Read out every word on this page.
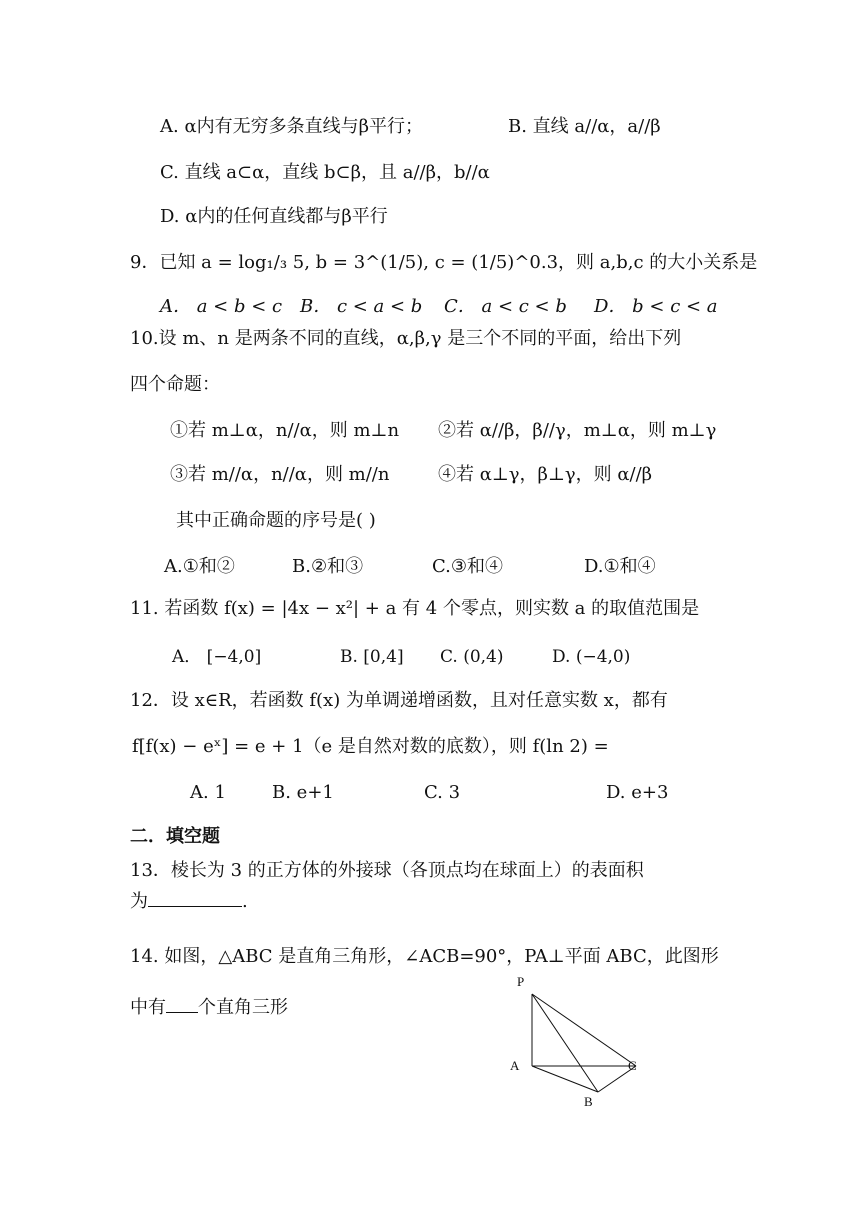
A. α内有无穷多条直线与β平行；	B. 直线 a//α，a//β
C. 直线 a⊂α，直线 b⊂β，且 a//β，b//α
D. α内的任何直线都与β平行
9．已知 a = log₁/₃ 5, b = 3^(1/5), c = (1/5)^0.3，则 a,b,c 的大小关系是
A． a < b < c B． c < a < b C． a < c < b D． b < c < a
10.设 m、n 是两条不同的直线，α,β,γ 是三个不同的平面，给出下列
四个命题：
①若 m⊥α，n//α，则 m⊥n ②若 α//β，β//γ，m⊥α，则 m⊥γ
③若 m//α，n//α，则 m//n	④若 α⊥γ，β⊥γ，则 α//β
其中正确命题的序号是( )
A.①和②	B.②和③	C.③和④	D.①和④
11. 若函数 f(x) = |4x − x²| + a 有 4 个零点，则实数 a 的取值范围是
A． [−4,0]	B. [0,4] C. (0,4)	D. (−4,0)
12．设 x∈R，若函数 f(x) 为单调递增函数，且对任意实数 x，都有
f[f(x) − eˣ] = e + 1（e 是自然对数的底数），则 f(ln 2) =
A. 1	B. e+1	C. 3	D. e+3
二．填空题
13．棱长为 3 的正方体的外接球（各顶点均在球面上）的表面积
为	.
14. 如图，△ABC 是直角三角形，∠ACB=90°，PA⊥平面 ABC，此图形
中有 个直角三形
P
A
B
C
